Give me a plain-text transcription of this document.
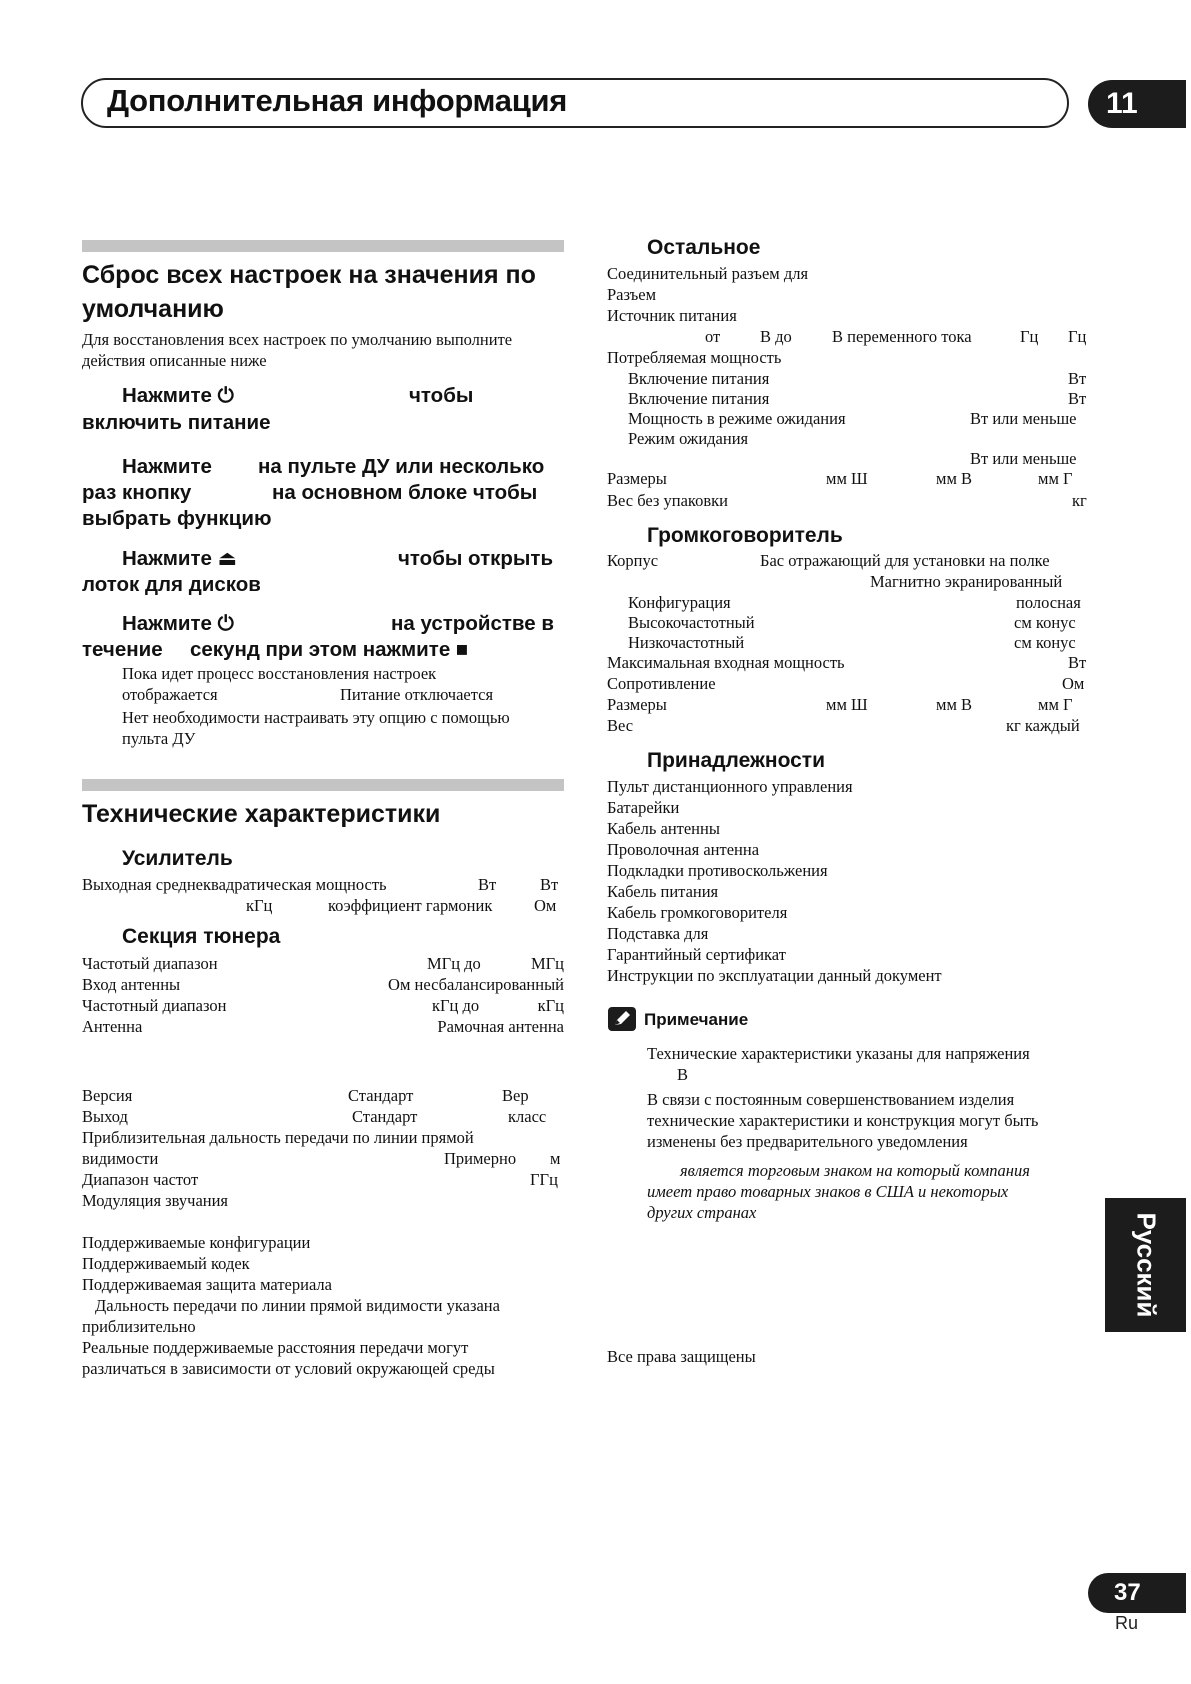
Дополнительная информация	11
Сброс всех настроек на значения по
умолчанию
Для восстановления всех настроек по умолчанию выполните
действия описанные ниже
Нажмите ⏻	чтобы
включить питание
Нажмите на пульте ДУ или несколько
раз кнопку	на основном блоке чтобы
выбрать функцию
Нажмите ⏏	чтобы открыть
лоток для дисков
Нажмите ⏻	на устройстве в
течение секунд при этом нажмите ■
Пока идет процесс восстановления настроек
отображается	Питание отключается
Нет необходимости настраивать эту опцию с помощью
пульта ДУ
Технические характеристики
Усилитель
Выходная среднеквадратическая мощность	Вт	Вт
кГц	коэффициент гармоник	Ом
Секция тюнера
Частотый диапазон	МГц до	МГц
Вход антенны	Ом несбалансированный
Частотный диапазон	кГц до	кГц
Антенна	Рамочная антенна
Версия	Стандарт	Вер
Выход	Стандарт	класс
Приблизительная дальность передачи по линии прямой
видимости	Примерно м
Диапазон частот	ГГц
Модуляция звучания
Поддерживаемые конфигурации
Поддерживаемый кодек
Поддерживаемая защита материала
Дальность передачи по линии прямой видимости указана
приблизительно
Реальные поддерживаемые расстояния передачи могут
различаться в зависимости от условий окружающей среды
Остальное
Соединительный разъем для
Разъем
Источник питания
от В до В переменного тока	Гц Гц
Потребляемая мощность
Включение питания	Вт
Включение питания	Вт
Мощность в режиме ожидания	Вт или меньше
Режим ожидания
Вт или меньше
Размеры	мм Ш	мм В	мм Г
Вес без упаковки	кг
Громкоговоритель
Корпус	Бас отражающий для установки на полке
Магнитно экранированный
Конфигурация	полосная
Высокочастотный	см конус
Низкочастотный	см конус
Максимальная входная мощность	Вт
Сопротивление	Ом
Размеры	мм Ш	мм В	мм Г
Вес	кг каждый
Принадлежности
Пульт дистанционного управления
Батарейки
Кабель антенны
Проволочная антенна
Подкладки противоскольжения
Кабель питания
Кабель громкоговорителя
Подставка для
Гарантийный сертификат
Инструкции по эксплуатации данный документ
Примечание
Технические характеристики указаны для напряжения
В
В связи с постоянным совершенствованием изделия
технические характеристики и конструкция могут быть
изменены без предварительного уведомления
является торговым знаком на который компания
имеет право товарных знаков в США и некоторых
других странах
Все права защищены
Русский
37
Ru
